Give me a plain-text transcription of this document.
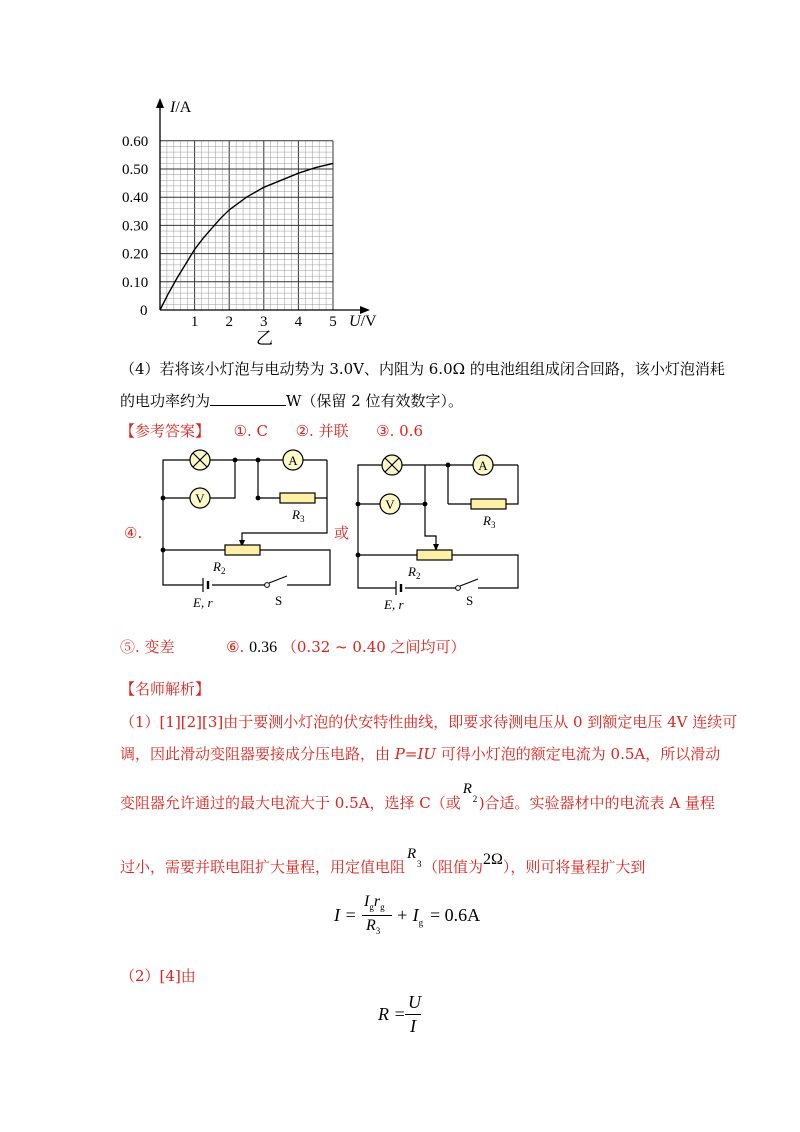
I/A
U/V
0.60
0.50
0.40
0.30
0.20
0.10
0
1 2 3 4 5
乙
（4）若将该小灯泡与电动势为 3.0V、内阻为 6.0Ω 的电池组组成闭合回路，该小灯泡消耗
的电功率约为	W（保留 2 位有效数字）。
【参考答案】 ①. C ②. 并联 ③. 0.6
④.	或
A
V
$R_3$
$R_2$
E, r	S
A
V
$R_3$
$R_2$
E, r	S
⑤. 变差	⑥. 0.36 （0.32 ~ 0.40 之间均可）
【名师解析】
（1）[1][2][3]由于要测小灯泡的伏安特性曲线，即要求待测电压从 0 到额定电压 4V 连续可
调，因此滑动变阻器要接成分压电路，由 P=IU 可得小灯泡的额定电流为 0.5A，所以滑动
变阻器允许通过的最大电流大于 0.5A，选择 C（或
R
2 )合适。实验器材中的电流表 A 量程
过小，需要并联电阻扩大量程，用定值电阻
R
3 （阻值为2Ω），则可将量程扩大到
I =
$I_gr_g$
$R_3$
+ $I_g = 0.6A$
（2）[4]由
R =
U
I
